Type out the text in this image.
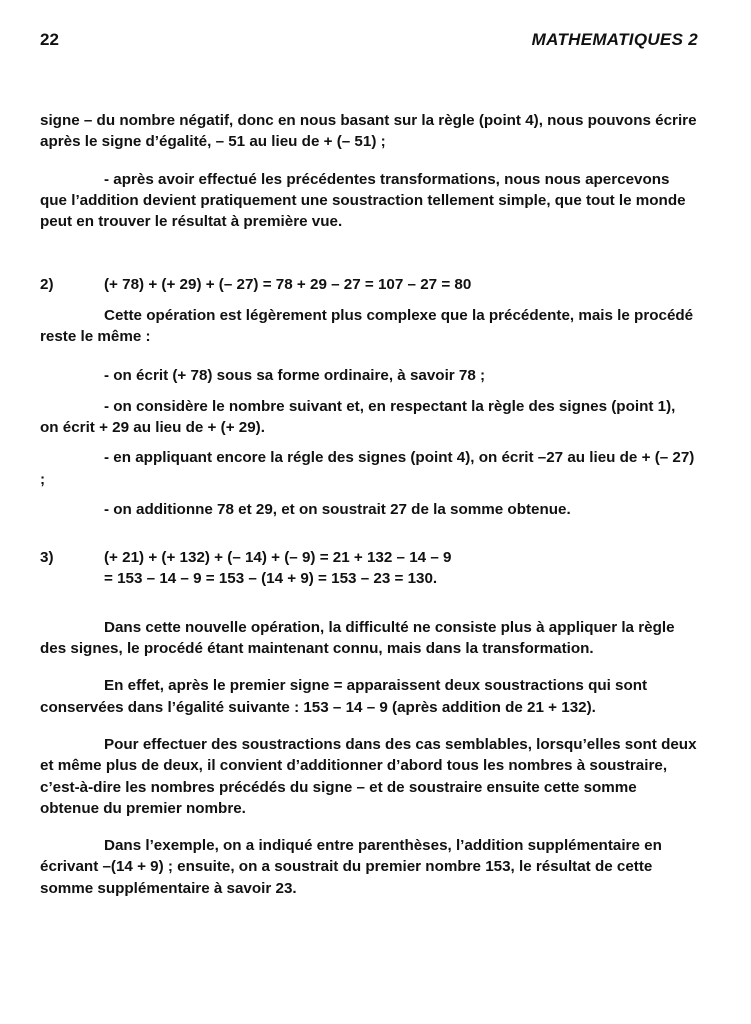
22	MATHEMATIQUES 2

signe – du nombre négatif, donc en nous basant sur la règle (point 4), nous pouvons écrire après le signe d’égalité, – 51 au lieu de + (– 51) ;

- après avoir effectué les précédentes transformations, nous nous apercevons que l’addition devient pratiquement une soustraction tellement simple, que tout le monde peut en trouver le résultat à première vue.

2)	(+ 78) + (+ 29) + (– 27) = 78 + 29 – 27 = 107 – 27 = 80

Cette opération est légèrement plus complexe que la précédente, mais le procédé reste le même :

- on écrit (+ 78) sous sa forme ordinaire, à savoir 78 ;

- on considère le nombre suivant et, en respectant la règle des signes (point 1), on écrit + 29 au lieu de + (+ 29).

- en appliquant encore la régle des signes (point 4), on écrit –27 au lieu de + (– 27) ;

- on additionne 78 et 29, et on soustrait 27 de la somme obtenue.

3)	(+ 21) + (+ 132) + (– 14) + (– 9) = 21 + 132 – 14 – 9
= 153 – 14 – 9 = 153 – (14 + 9) = 153 – 23 = 130.

Dans cette nouvelle opération, la difficulté ne consiste plus à appliquer la règle des signes, le procédé étant maintenant connu, mais dans la transformation.

En effet, après le premier signe = apparaissent deux soustractions qui sont conservées dans l’égalité suivante : 153 – 14 – 9 (après addition de 21 + 132).

Pour effectuer des soustractions dans des cas semblables, lorsqu’elles sont deux et même plus de deux, il convient d’additionner d’abord tous les nombres à soustraire, c’est-à-dire les nombres précédés du signe – et de soustraire ensuite cette somme obtenue du premier nombre.

Dans l’exemple, on a indiqué entre parenthèses, l’addition supplémentaire en écrivant –(14 + 9) ; ensuite, on a soustrait du premier nombre 153, le résultat de cette somme supplémentaire à savoir 23.
